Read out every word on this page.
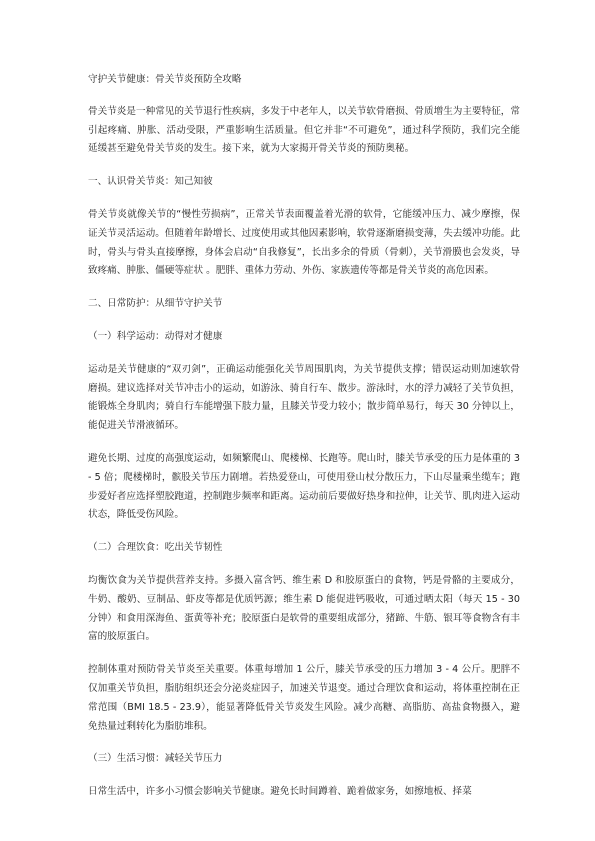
守护关节健康：骨关节炎预防全攻略

骨关节炎是一种常见的关节退行性疾病，多发于中老年人，以关节软骨磨损、骨质增生为主要特征，常引起疼痛、肿胀、活动受限，严重影响生活质量。但它并非“不可避免”，通过科学预防，我们完全能延缓甚至避免骨关节炎的发生。接下来，就为大家揭开骨关节炎的预防奥秘。

一、认识骨关节炎：知己知彼

骨关节炎就像关节的“慢性劳损病”，正常关节表面覆盖着光滑的软骨，它能缓冲压力、减少摩擦，保证关节灵活运动。但随着年龄增长、过度使用或其他因素影响，软骨逐渐磨损变薄，失去缓冲功能。此时，骨头与骨头直接摩擦，身体会启动“自我修复”，长出多余的骨质（骨刺），关节滑膜也会发炎，导致疼痛、肿胀、僵硬等症状 。肥胖、重体力劳动、外伤、家族遗传等都是骨关节炎的高危因素。

二、日常防护：从细节守护关节

（一）科学运动：动得对才健康

运动是关节健康的“双刃剑”，正确运动能强化关节周围肌肉，为关节提供支撑；错误运动则加速软骨磨损。建议选择对关节冲击小的运动，如游泳、骑自行车、散步。游泳时，水的浮力减轻了关节负担，能锻炼全身肌肉；骑自行车能增强下肢力量，且膝关节受力较小；散步简单易行，每天 30 分钟以上，能促进关节滑液循环。

避免长期、过度的高强度运动，如频繁爬山、爬楼梯、长跑等。爬山时，膝关节承受的压力是体重的 3 - 5 倍；爬楼梯时，髌股关节压力剧增。若热爱登山，可使用登山杖分散压力，下山尽量乘坐缆车；跑步爱好者应选择塑胶跑道，控制跑步频率和距离。运动前后要做好热身和拉伸，让关节、肌肉进入运动状态，降低受伤风险。

（二）合理饮食：吃出关节韧性

均衡饮食为关节提供营养支持。多摄入富含钙、维生素 D 和胶原蛋白的食物，钙是骨骼的主要成分，牛奶、酸奶、豆制品、虾皮等都是优质钙源；维生素 D 能促进钙吸收，可通过晒太阳（每天 15 - 30 分钟）和食用深海鱼、蛋黄等补充；胶原蛋白是软骨的重要组成部分，猪蹄、牛筋、银耳等食物含有丰富的胶原蛋白。

控制体重对预防骨关节炎至关重要。体重每增加 1 公斤，膝关节承受的压力增加 3 - 4 公斤。肥胖不仅加重关节负担，脂肪组织还会分泌炎症因子，加速关节退变。通过合理饮食和运动，将体重控制在正常范围（BMI 18.5 - 23.9），能显著降低骨关节炎发生风险。减少高糖、高脂肪、高盐食物摄入，避免热量过剩转化为脂肪堆积。

（三）生活习惯：减轻关节压力

日常生活中，许多小习惯会影响关节健康。避免长时间蹲着、跪着做家务，如擦地板、择菜
